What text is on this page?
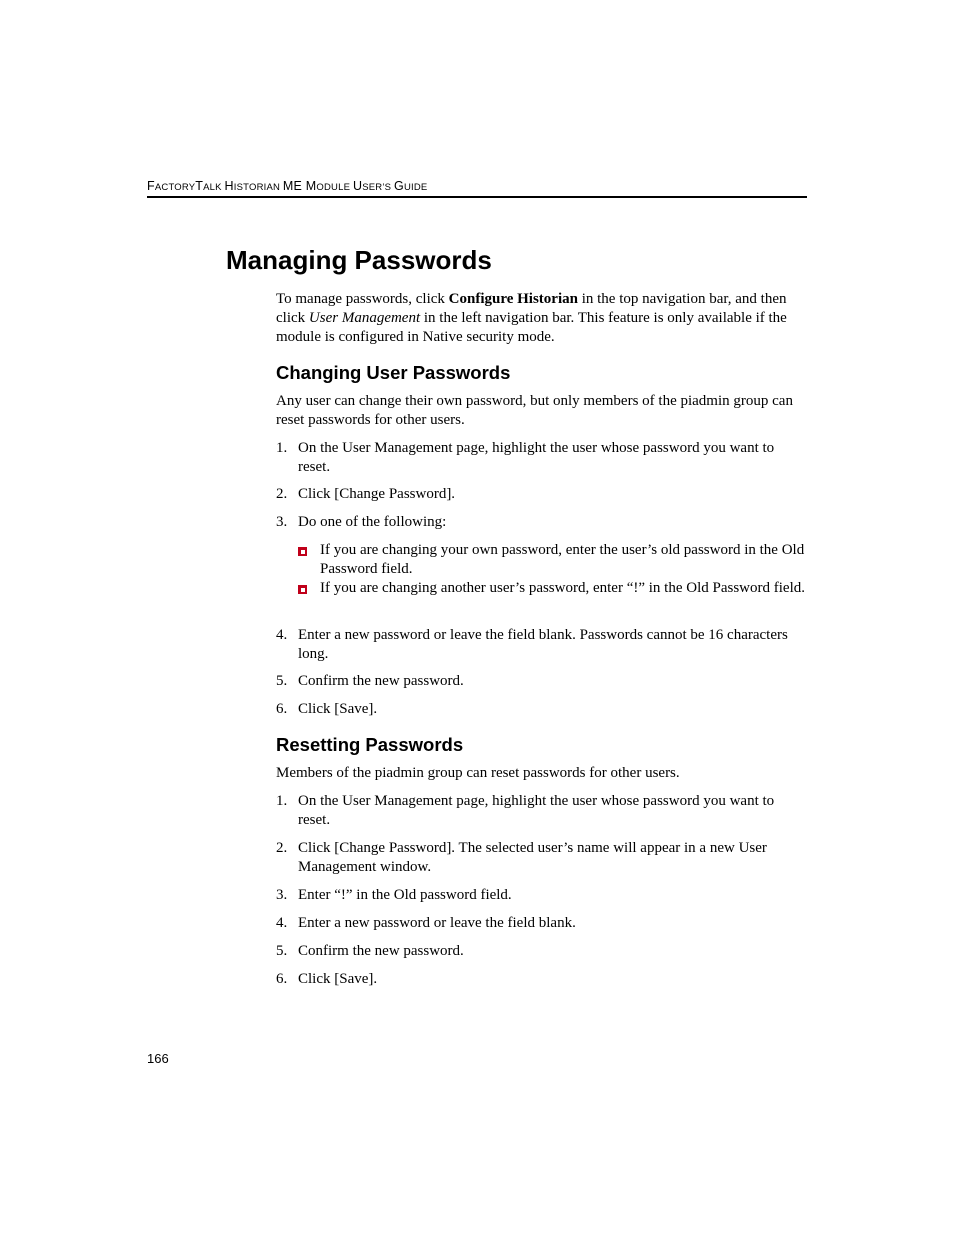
FACTORYTALK HISTORIAN ME MODULE USER’S GUIDE
Managing Passwords

To manage passwords, click Configure Historian in the top navigation bar, and then click User Management in the left navigation bar. This feature is only available if the module is configured in Native security mode.

Changing User Passwords

Any user can change their own password, but only members of the piadmin group can reset passwords for other users.

1. On the User Management page, highlight the user whose password you want to reset.
2. Click [Change Password].
3. Do one of the following:
If you are changing your own password, enter the user’s old password in the Old Password field.
If you are changing another user’s password, enter “!” in the Old Password field.
4. Enter a new password or leave the field blank. Passwords cannot be 16 characters long.
5. Confirm the new password.
6. Click [Save].
Resetting Passwords

Members of the piadmin group can reset passwords for other users.

1. On the User Management page, highlight the user whose password you want to reset.
2. Click [Change Password]. The selected user’s name will appear in a new User Management window.
3. Enter “!” in the Old password field.
4. Enter a new password or leave the field blank.
5. Confirm the new password.
6. Click [Save].
166
